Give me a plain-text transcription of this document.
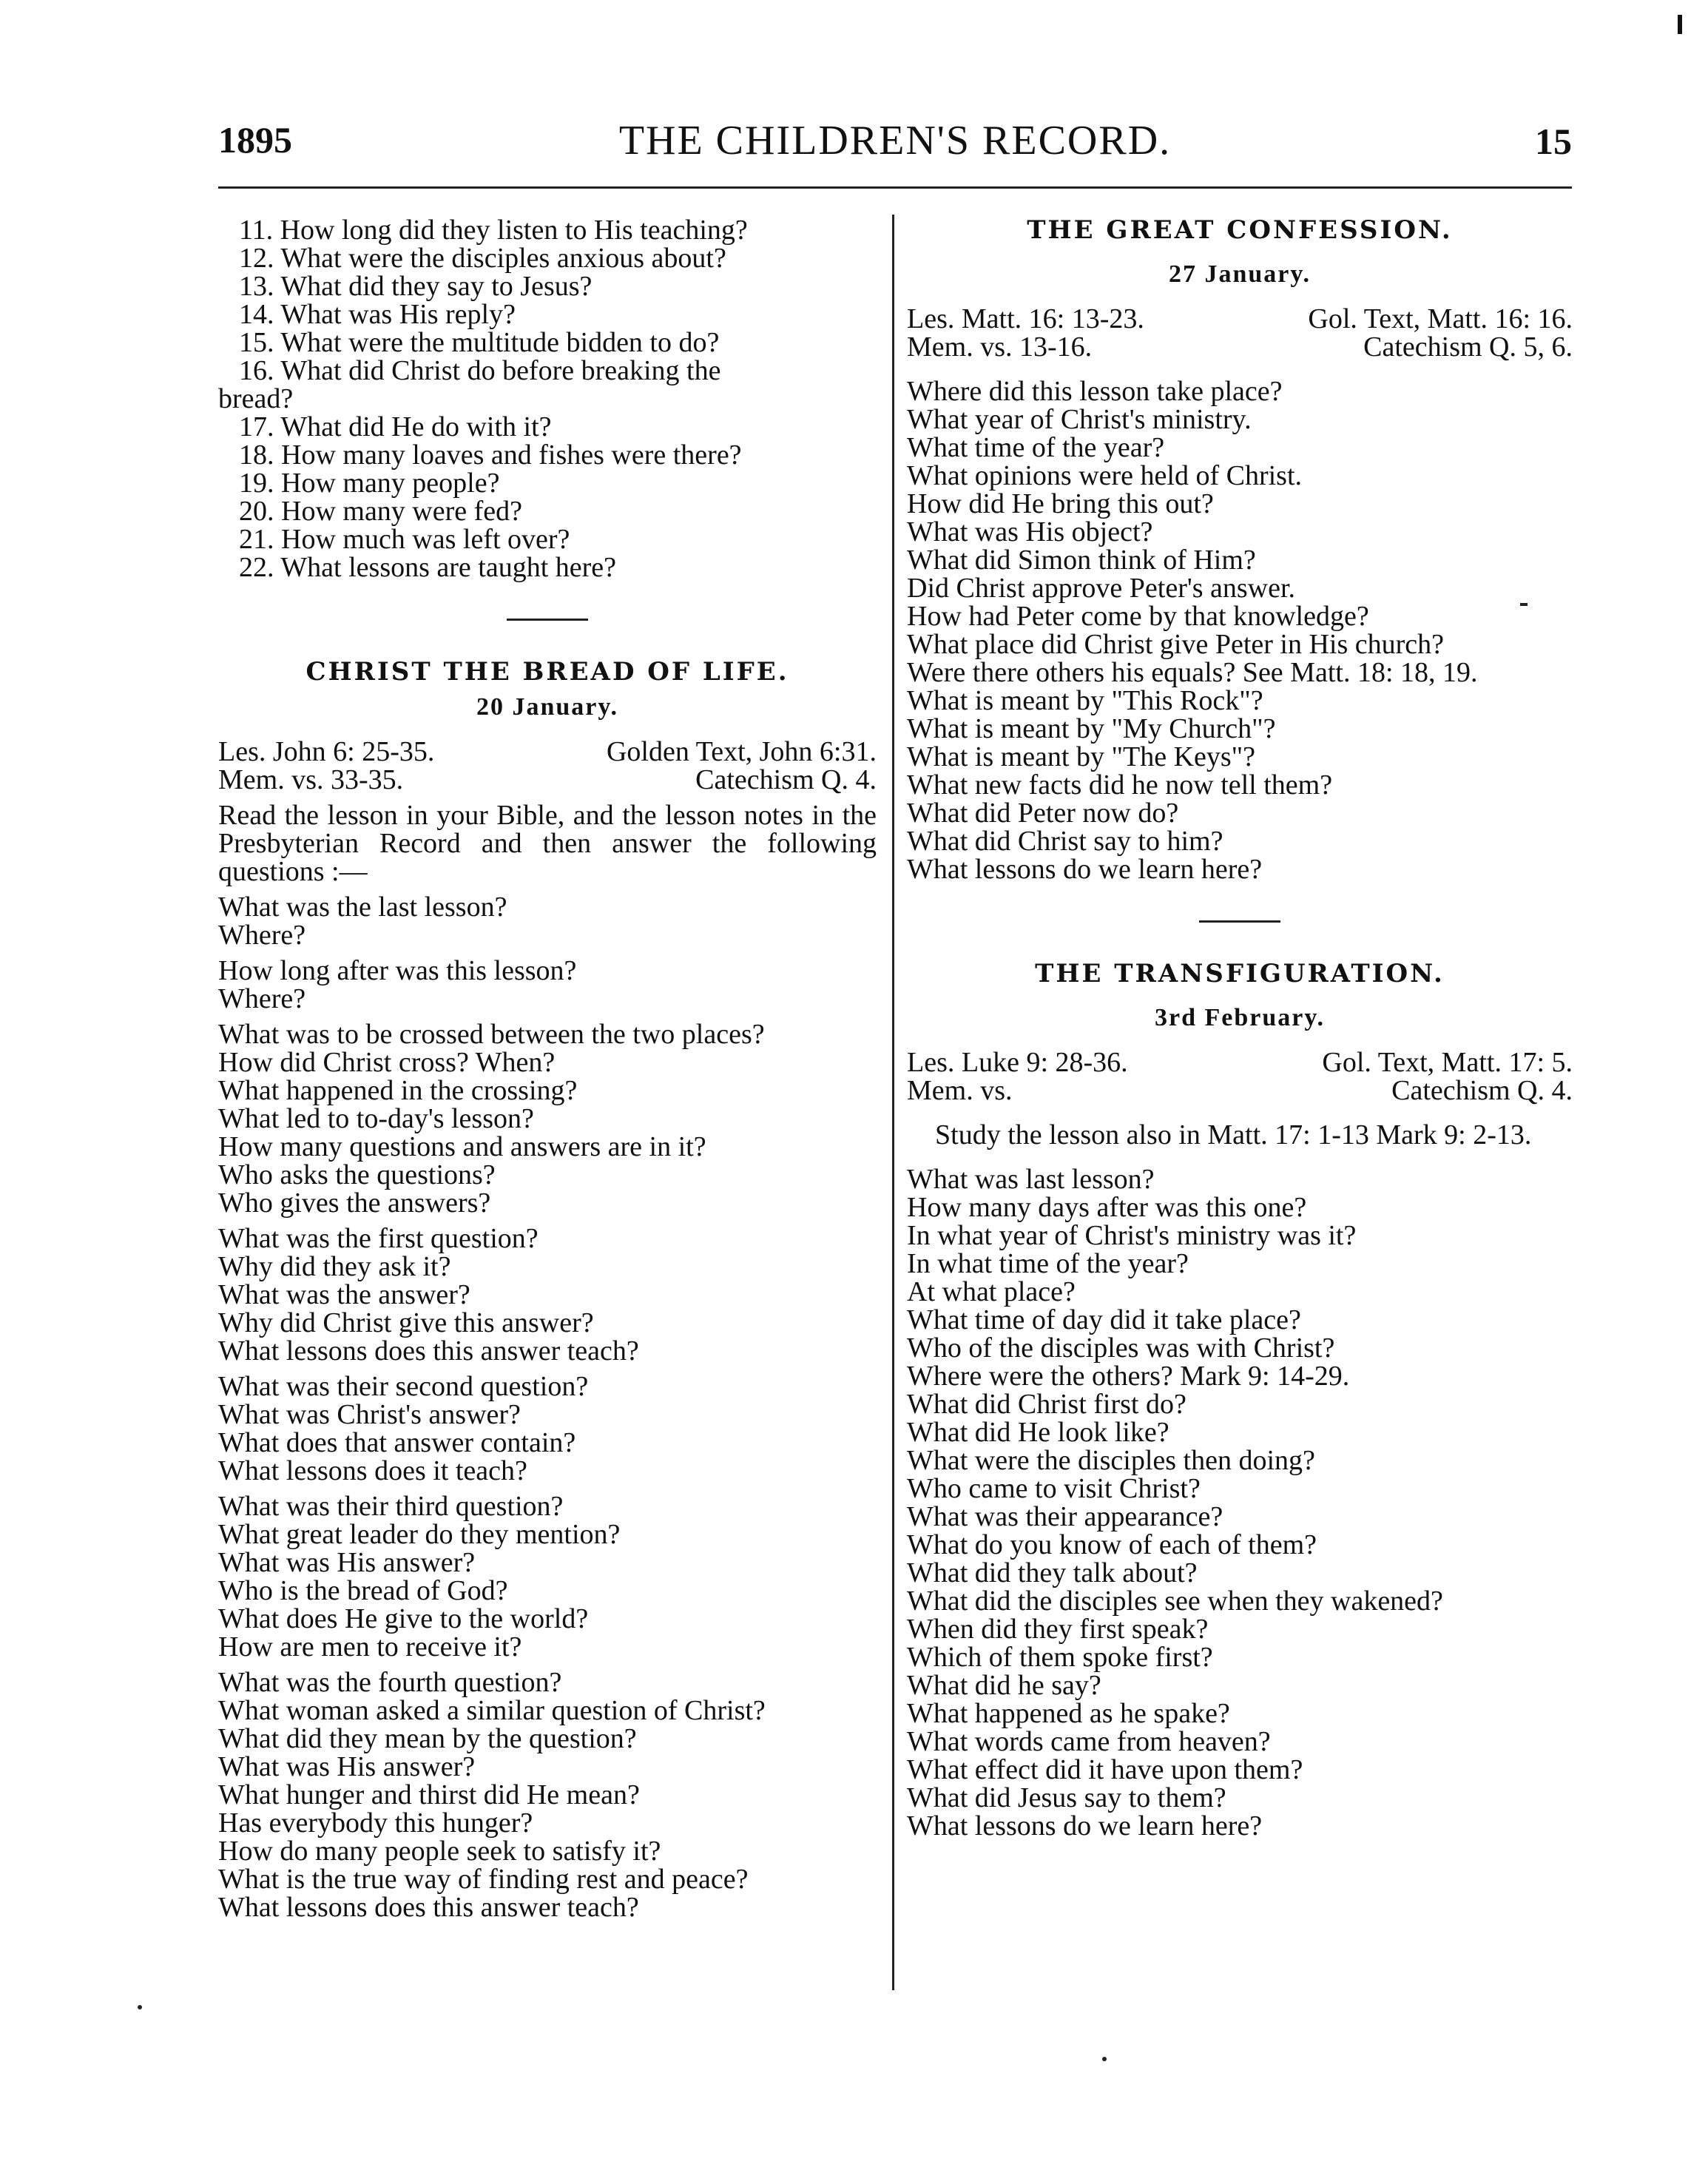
1895	THE CHILDREN'S RECORD.	15
11. How long did they listen to His teaching?
12. What were the disciples anxious about?
13. What did they say to Jesus?
14. What was His reply?
15. What were the multitude bidden to do?
16. What did Christ do before breaking the
bread?
17. What did He do with it?
18. How many loaves and fishes were there?
19. How many people?
20. How many were fed?
21. How much was left over?
22. What lessons are taught here?
CHRIST THE BREAD OF LIFE.
20 January.
Les. John 6: 25-35.	Golden Text, John 6:31.
Mem. vs. 33-35.	Catechism Q. 4.
Read the lesson in your Bible, and the lesson notes in the Presbyterian Record and then answer the following questions :—
What was the last lesson?
Where?
How long after was this lesson?
Where?
What was to be crossed between the two places?
How did Christ cross? When?
What happened in the crossing?
What led to to-day's lesson?
How many questions and answers are in it?
Who asks the questions?
Who gives the answers?
What was the first question?
Why did they ask it?
What was the answer?
Why did Christ give this answer?
What lessons does this answer teach?
What was their second question?
What was Christ's answer?
What does that answer contain?
What lessons does it teach?
What was their third question?
What great leader do they mention?
What was His answer?
Who is the bread of God?
What does He give to the world?
How are men to receive it?
What was the fourth question?
What woman asked a similar question of Christ?
What did they mean by the question?
What was His answer?
What hunger and thirst did He mean?
Has everybody this hunger?
How do many people seek to satisfy it?
What is the true way of finding rest and peace?
What lessons does this answer teach?
THE GREAT CONFESSION.
27 January.
Les. Matt. 16: 13-23.	Gol. Text, Matt. 16: 16.
Mem. vs. 13-16.	Catechism Q. 5, 6.
Where did this lesson take place?
What year of Christ's ministry.
What time of the year?
What opinions were held of Christ.
How did He bring this out?
What was His object?
What did Simon think of Him?
Did Christ approve Peter's answer.
How had Peter come by that knowledge?
What place did Christ give Peter in His church?
Were there others his equals? See Matt. 18: 18, 19.
What is meant by "This Rock"?
What is meant by "My Church"?
What is meant by "The Keys"?
What new facts did he now tell them?
What did Peter now do?
What did Christ say to him?
What lessons do we learn here?
THE TRANSFIGURATION.
3rd February.
Les. Luke 9: 28-36.	Gol. Text, Matt. 17: 5.
Mem. vs.	Catechism Q. 4.
Study the lesson also in Matt. 17: 1-13 Mark 9: 2-13.
What was last lesson?
How many days after was this one?
In what year of Christ's ministry was it?
In what time of the year?
At what place?
What time of day did it take place?
Who of the disciples was with Christ?
Where were the others? Mark 9: 14-29.
What did Christ first do?
What did He look like?
What were the disciples then doing?
Who came to visit Christ?
What was their appearance?
What do you know of each of them?
What did they talk about?
What did the disciples see when they wakened?
When did they first speak?
Which of them spoke first?
What did he say?
What happened as he spake?
What words came from heaven?
What effect did it have upon them?
What did Jesus say to them?
What lessons do we learn here?
